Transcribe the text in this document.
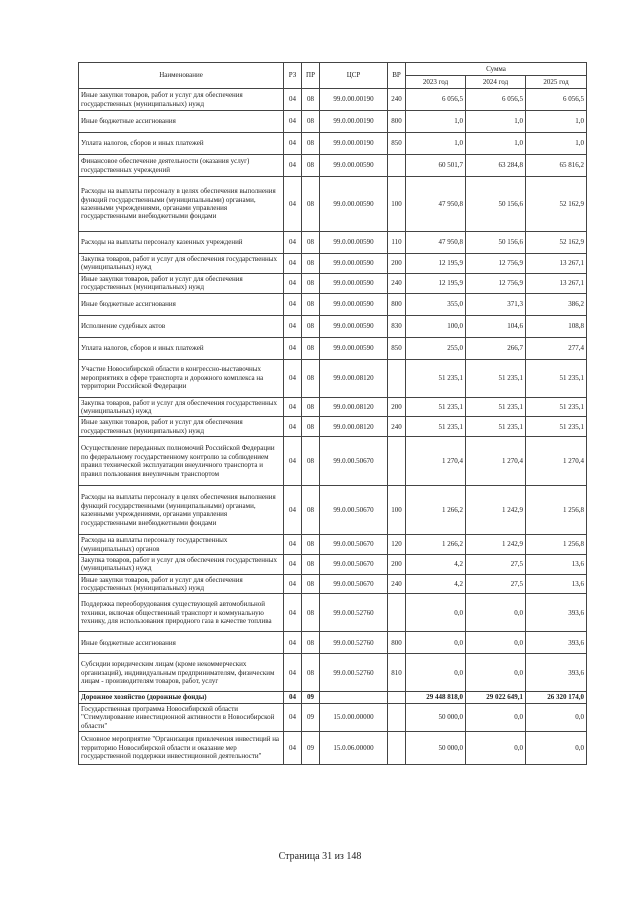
Наименование	РЗ	ПР	ЦСР	ВР	Сумма		
					2023 год	2024 год	2025 год
Иные закупки товаров, работ и услуг для обеспечения государственных (муниципальных) нужд	04	08	99.0.00.00190	240	6 056,5	6 056,5	6 056,5
Иные бюджетные ассигнования	04	08	99.0.00.00190	800	1,0	1,0	1,0
Уплата налогов, сборов и иных платежей	04	08	99.0.00.00190	850	1,0	1,0	1,0
Финансовое обеспечение деятельности (оказания услуг) государственных учреждений	04	08	99.0.00.00590		60 501,7	63 284,8	65 816,2
Расходы на выплаты персоналу в целях обеспечения выполнения функций государственными (муниципальными) органами, казенными учреждениями, органами управления государственными внебюджетными фондами	04	08	99.0.00.00590	100	47 950,8	50 156,6	52 162,9
Расходы на выплаты персоналу казенных учреждений	04	08	99.0.00.00590	110	47 950,8	50 156,6	52 162,9
Закупка товаров, работ и услуг для обеспечения государственных (муниципальных) нужд	04	08	99.0.00.00590	200	12 195,9	12 756,9	13 267,1
Иные закупки товаров, работ и услуг для обеспечения государственных (муниципальных) нужд	04	08	99.0.00.00590	240	12 195,9	12 756,9	13 267,1
Иные бюджетные ассигнования	04	08	99.0.00.00590	800	355,0	371,3	386,2
Исполнение судебных актов	04	08	99.0.00.00590	830	100,0	104,6	108,8
Уплата налогов, сборов и иных платежей	04	08	99.0.00.00590	850	255,0	266,7	277,4
Участие Новосибирской области в конгрессно-выставочных мероприятиях в сфере транспорта и дорожного комплекса на территории Российской Федерации	04	08	99.0.00.08120		51 235,1	51 235,1	51 235,1
Закупка товаров, работ и услуг для обеспечения государственных (муниципальных) нужд	04	08	99.0.00.08120	200	51 235,1	51 235,1	51 235,1
Иные закупки товаров, работ и услуг для обеспечения государственных (муниципальных) нужд	04	08	99.0.00.08120	240	51 235,1	51 235,1	51 235,1
Осуществление переданных полномочий Российской Федерации по федеральному государственному контролю за соблюдением правил технической эксплуатации внеуличного транспорта и правил пользования внеуличным транспортом	04	08	99.0.00.50670		1 270,4	1 270,4	1 270,4
Расходы на выплаты персоналу в целях обеспечения выполнения функций государственными (муниципальными) органами, казенными учреждениями, органами управления государственными внебюджетными фондами	04	08	99.0.00.50670	100	1 266,2	1 242,9	1 256,8
Расходы на выплаты персоналу государственных (муниципальных) органов	04	08	99.0.00.50670	120	1 266,2	1 242,9	1 256,8
Закупка товаров, работ и услуг для обеспечения государственных (муниципальных) нужд	04	08	99.0.00.50670	200	4,2	27,5	13,6
Иные закупки товаров, работ и услуг для обеспечения государственных (муниципальных) нужд	04	08	99.0.00.50670	240	4,2	27,5	13,6
Поддержка переоборудования существующей автомобильной техники, включая общественный транспорт и коммунальную технику, для использования природного газа в качестве топлива	04	08	99.0.00.52760		0,0	0,0	393,6
Иные бюджетные ассигнования	04	08	99.0.00.52760	800	0,0	0,0	393,6
Субсидии юридическим лицам (кроме некоммерческих организаций), индивидуальным предпринимателям, физическим лицам - производителям товаров, работ, услуг	04	08	99.0.00.52760	810	0,0	0,0	393,6
Дорожное хозяйство (дорожные фонды)	04	09			29 448 818,0	29 022 649,1	26 320 174,0
Государственная программа Новосибирской области "Стимулирование инвестиционной активности в Новосибирской области"	04	09	15.0.00.00000		50 000,0	0,0	0,0
Основное мероприятие "Организация привлечения инвестиций на территорию Новосибирской области и оказание мер государственной поддержки инвестиционной деятельности"	04	09	15.0.06.00000		50 000,0	0,0	0,0
Страница 31 из 148
